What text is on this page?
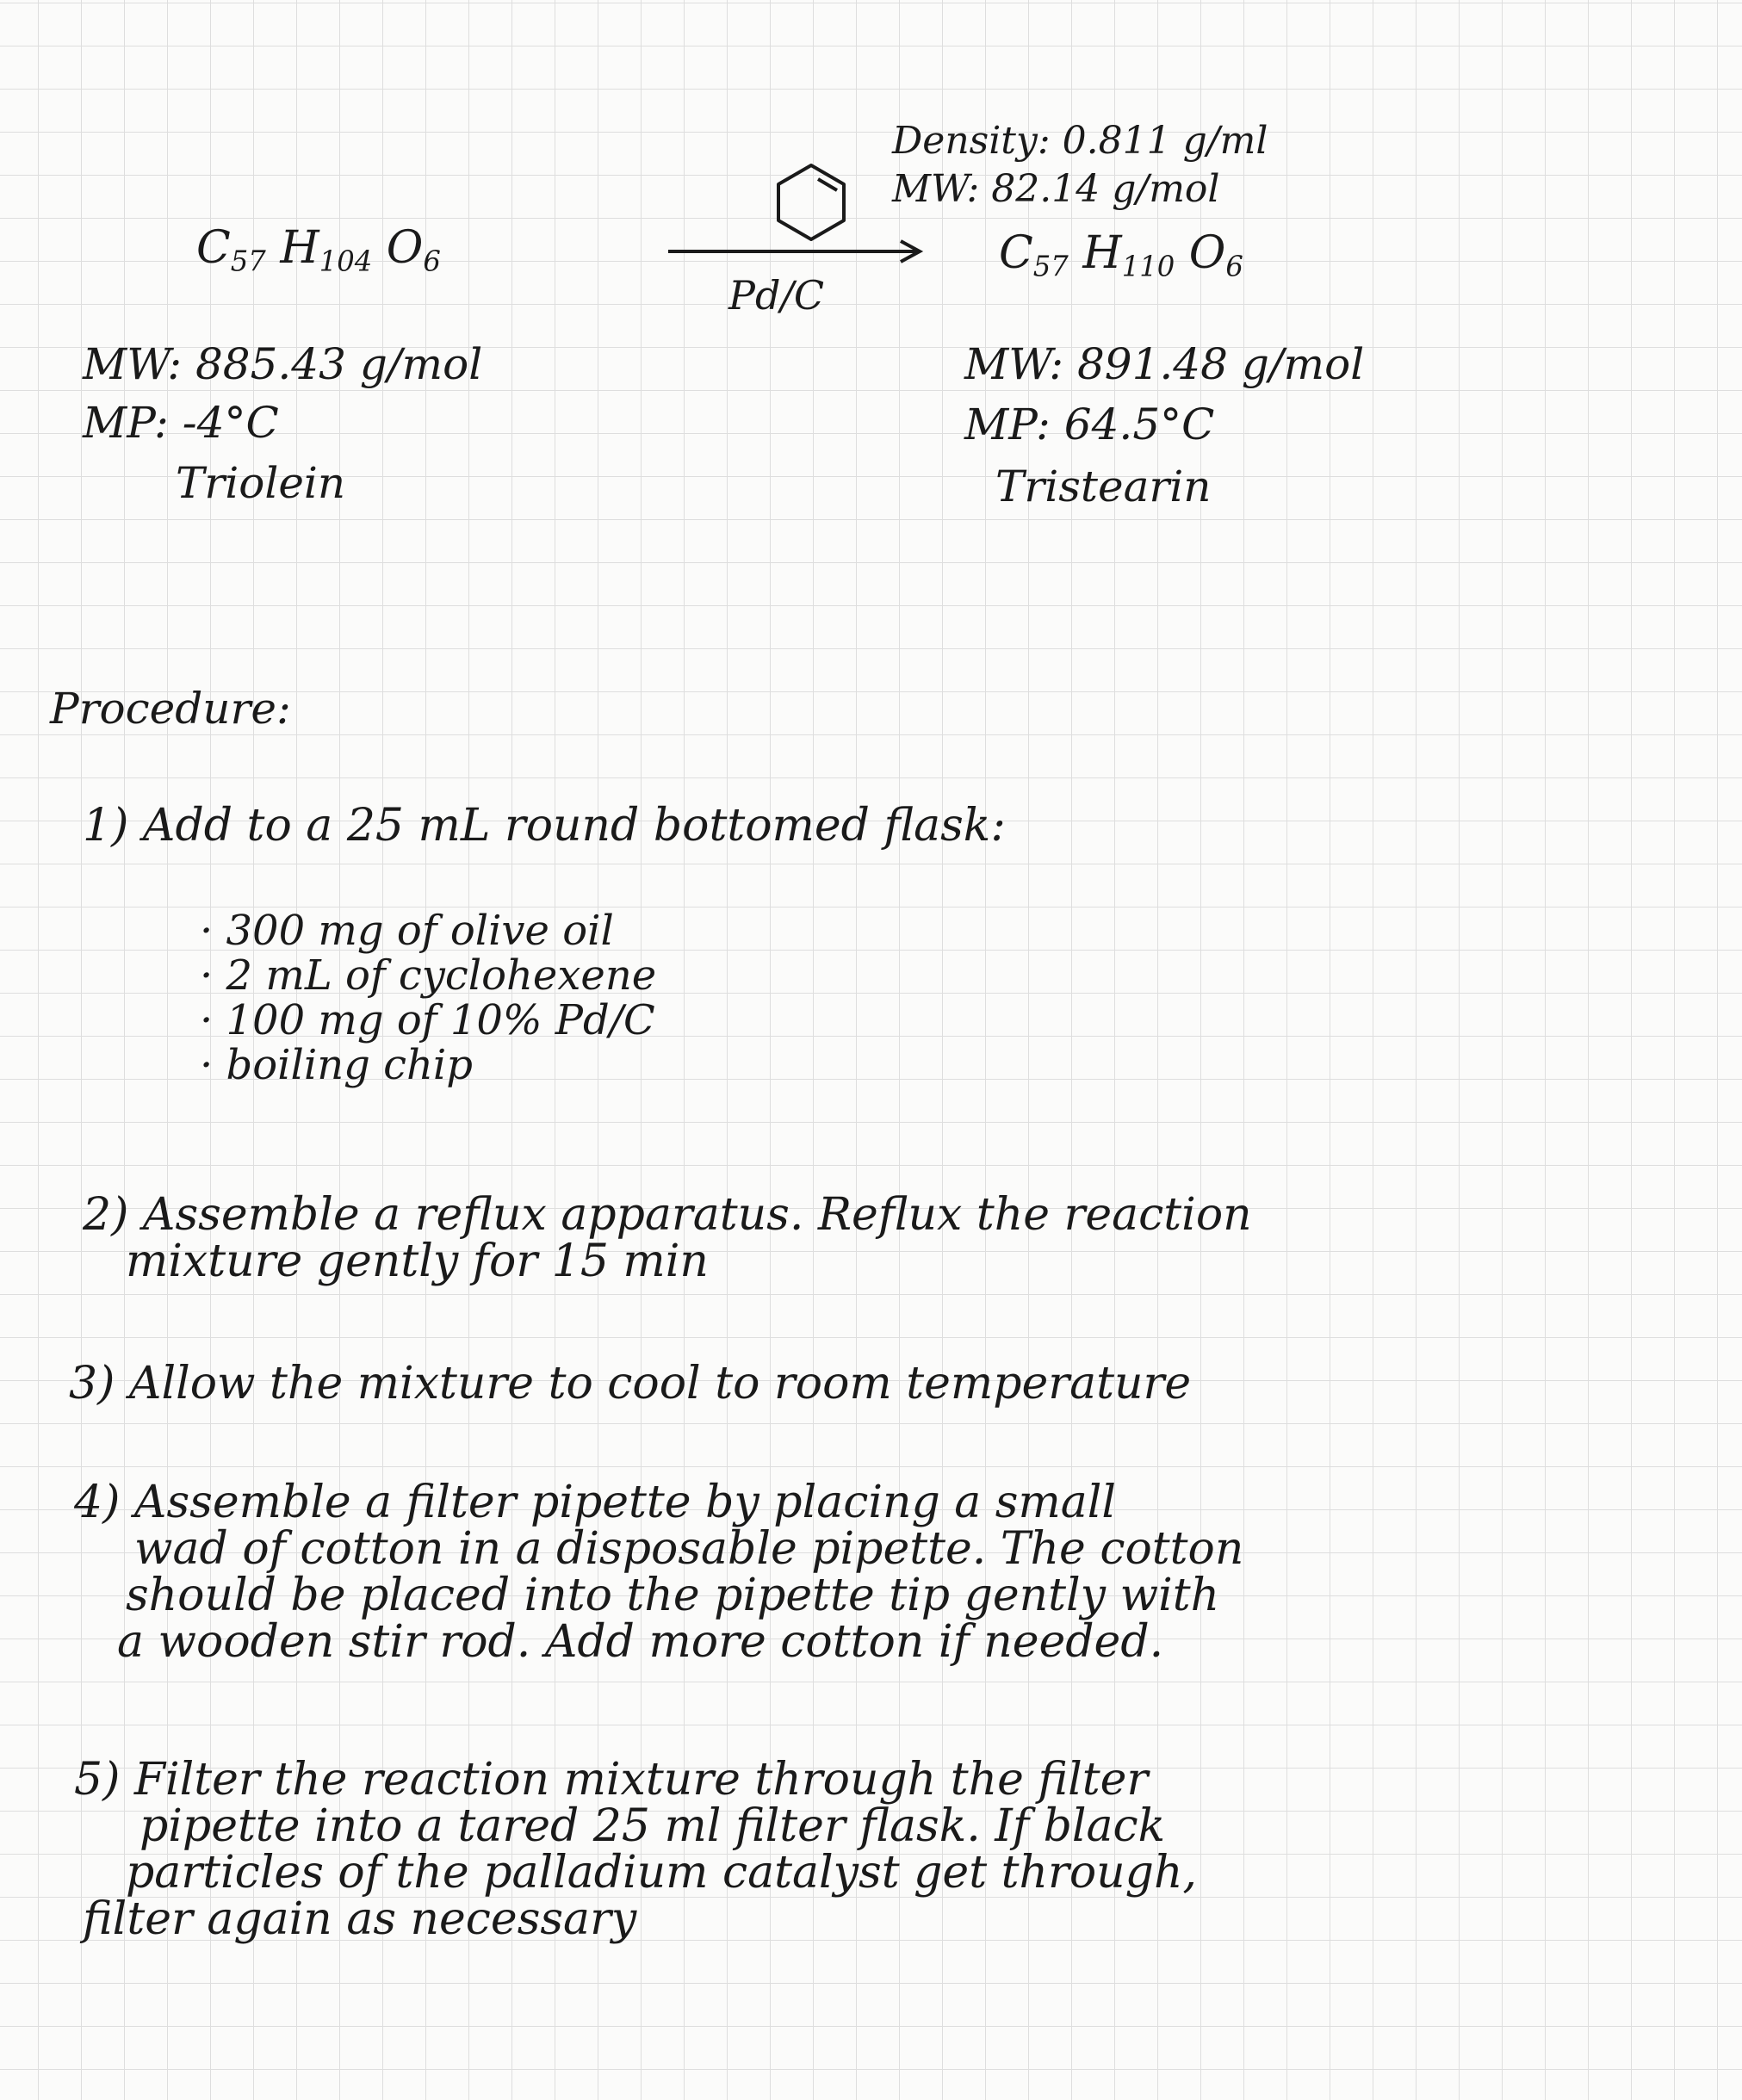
Density: 0.811 g/ml
MW: 82.14 g/mol
Pd/C
$C_{57}$ $H_{104}$ $O_6$	$C_{57}$ $H_{110}$ $O_6$
MW: 885.43 g/mol
MP: -4°C
Triolein
MW: 891.48 g/mol
MP: 64.5°C
Tristearin
Procedure:
1) Add to a 25 mL round bottomed flask:
· 300 mg of olive oil
· 2 mL of cyclohexene
· 100 mg of 10% Pd/C
· boiling chip
2) Assemble a reflux apparatus. Reflux the reaction
mixture gently for 15 min
3) Allow the mixture to cool to room temperature
4) Assemble a filter pipette by placing a small
wad of cotton in a disposable pipette. The cotton
should be placed into the pipette tip gently with
a wooden stir rod. Add more cotton if needed.
5) Filter the reaction mixture through the filter
pipette into a tared 25 ml filter flask. If black
particles of the palladium catalyst get through,
filter again as necessary
